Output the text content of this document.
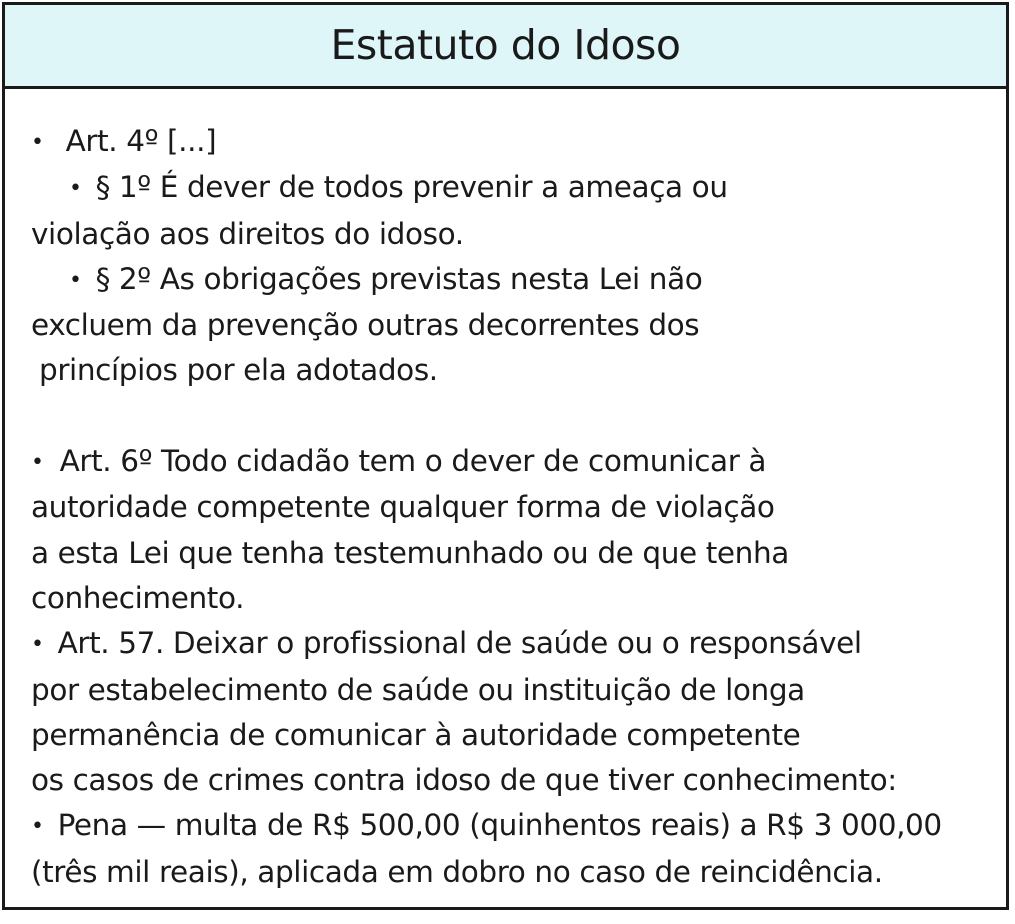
Estatuto do Idoso
• Art. 4º [...]
• § 1º É dever de todos prevenir a ameaça ou
violação aos direitos do idoso.
• § 2º As obrigações previstas nesta Lei não
excluem da prevenção outras decorrentes dos
princípios por ela adotados.
• Art. 6º Todo cidadão tem o dever de comunicar à
autoridade competente qualquer forma de violação
a esta Lei que tenha testemunhado ou de que tenha
conhecimento.
• Art. 57. Deixar o profissional de saúde ou o responsável
por estabelecimento de saúde ou instituição de longa
permanência de comunicar à autoridade competente
os casos de crimes contra idoso de que tiver conhecimento:
• Pena — multa de R$ 500,00 (quinhentos reais) a R$ 3 000,00
(três mil reais), aplicada em dobro no caso de reincidência.
